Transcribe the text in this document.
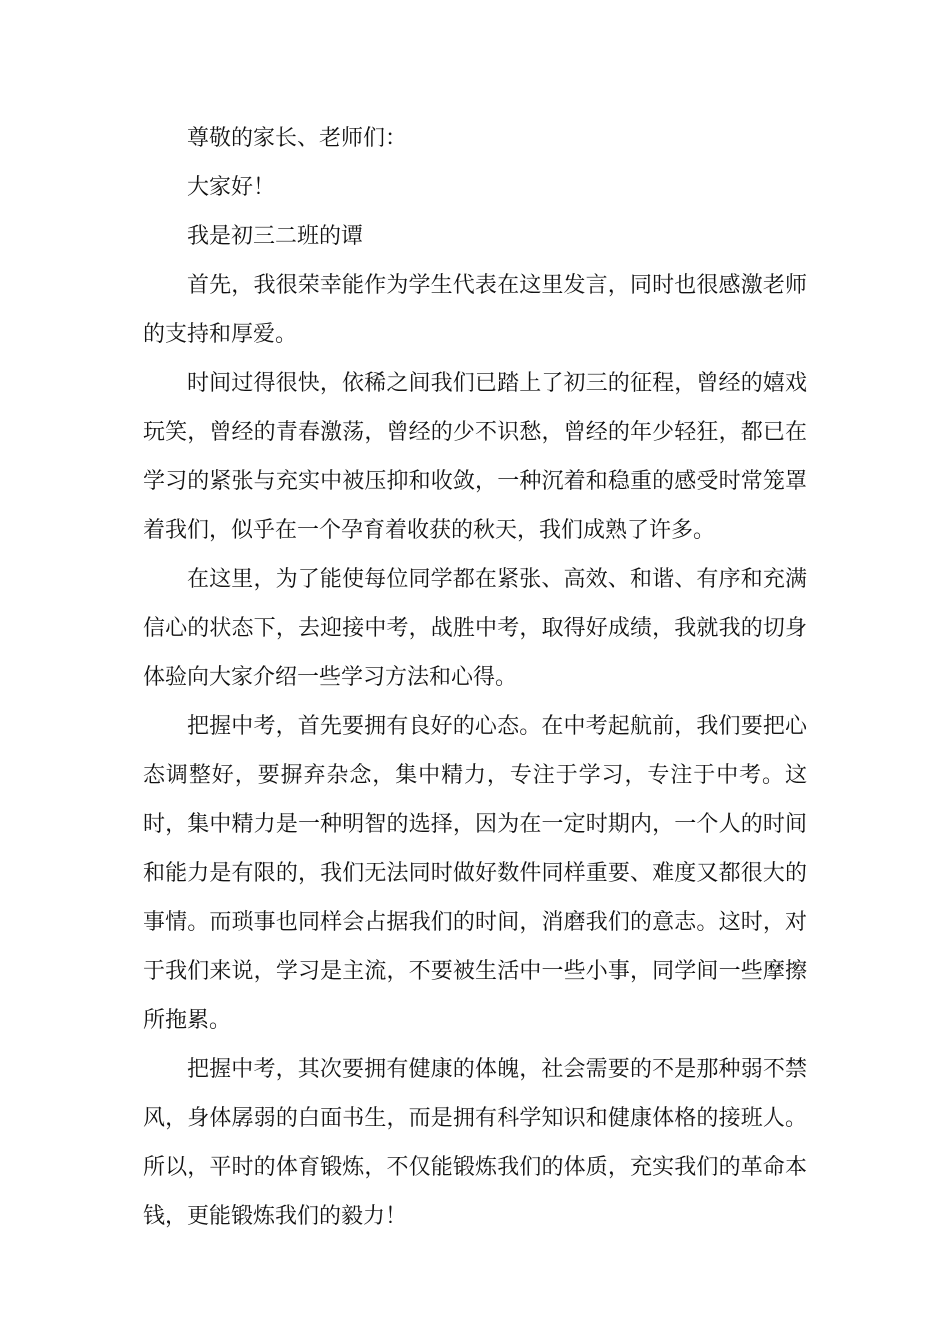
尊敬的家长、老师们：

大家好！

我是初三二班的谭

首先，我很荣幸能作为学生代表在这里发言，同时也很感激老师的支持和厚爱。

时间过得很快，依稀之间我们已踏上了初三的征程，曾经的嬉戏玩笑，曾经的青春激荡，曾经的少不识愁，曾经的年少轻狂，都已在学习的紧张与充实中被压抑和收敛，一种沉着和稳重的感受时常笼罩着我们，似乎在一个孕育着收获的秋天，我们成熟了许多。

在这里，为了能使每位同学都在紧张、高效、和谐、有序和充满信心的状态下，去迎接中考，战胜中考，取得好成绩，我就我的切身体验向大家介绍一些学习方法和心得。

把握中考，首先要拥有良好的心态。在中考起航前，我们要把心态调整好，要摒弃杂念，集中精力，专注于学习，专注于中考。这时，集中精力是一种明智的选择，因为在一定时期内，一个人的时间和能力是有限的，我们无法同时做好数件同样重要、难度又都很大的事情。而琐事也同样会占据我们的时间，消磨我们的意志。这时，对于我们来说，学习是主流，不要被生活中一些小事，同学间一些摩擦所拖累。

把握中考，其次要拥有健康的体魄，社会需要的不是那种弱不禁风，身体孱弱的白面书生，而是拥有科学知识和健康体格的接班人。所以，平时的体育锻炼，不仅能锻炼我们的体质，充实我们的革命本钱，更能锻炼我们的毅力！
